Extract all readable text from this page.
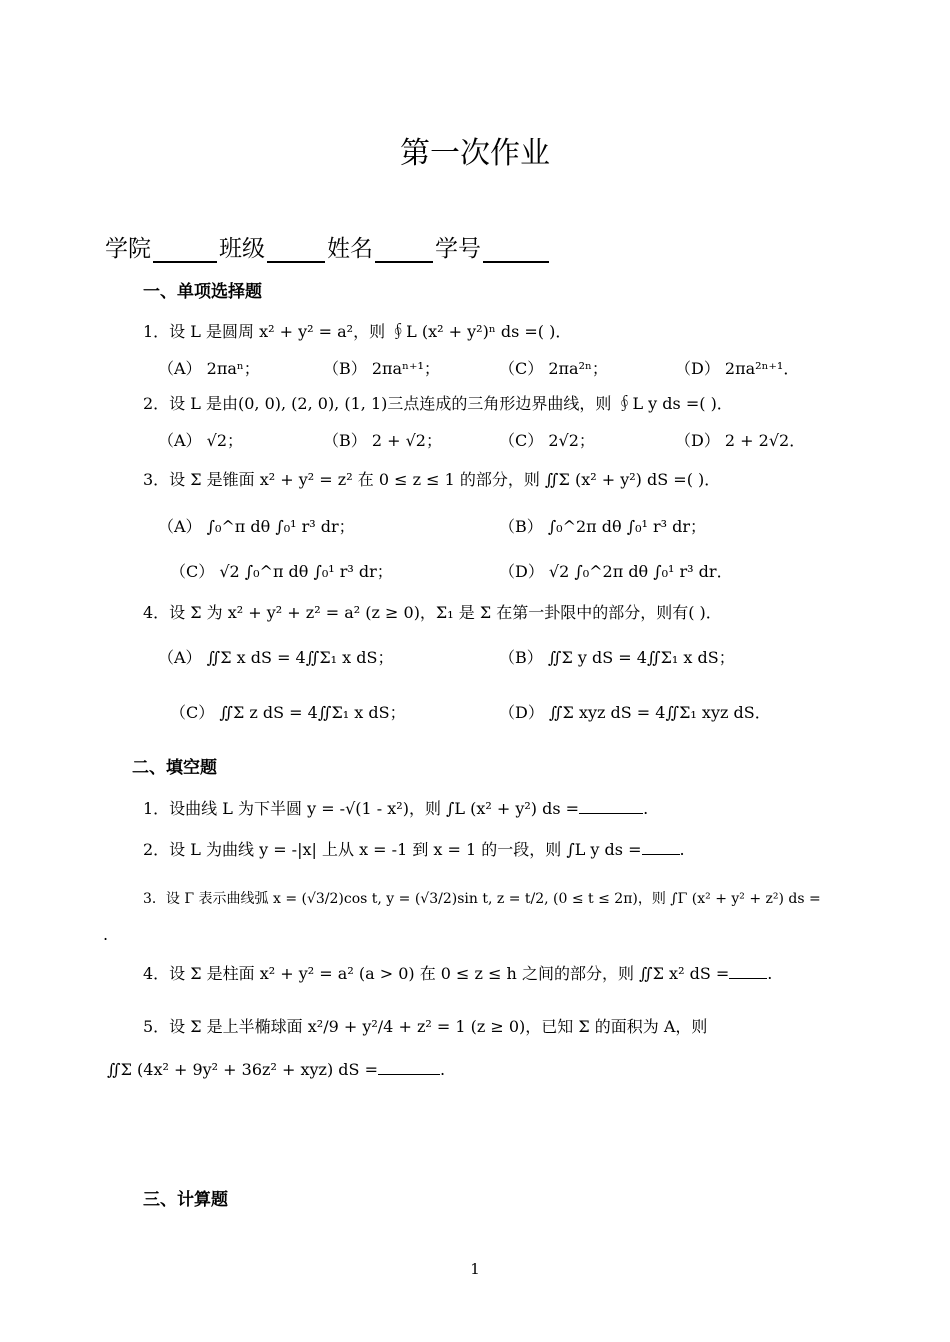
第一次作业
学院	班级	姓名	学号
一、单项选择题
1．设 L 是圆周 x² + y² = a²，则 ∮L (x² + y²)ⁿ ds =( )．
（A） 2πaⁿ；	（B） 2πaⁿ⁺¹；	（C） 2πa²ⁿ；	（D） 2πa²ⁿ⁺¹．
2．设 L 是由(0, 0), (2, 0), (1, 1)三点连成的三角形边界曲线，则 ∮L y ds =( )．
（A） √2；	（B） 2 + √2；	（C） 2√2；	（D） 2 + 2√2．
3．设 Σ 是锥面 x² + y² = z² 在 0 ≤ z ≤ 1 的部分，则 ∬Σ (x² + y²) dS =( )．
（A） ∫₀^π dθ ∫₀¹ r³ dr；	（B） ∫₀^2π dθ ∫₀¹ r³ dr；
（C） √2 ∫₀^π dθ ∫₀¹ r³ dr；	（D） √2 ∫₀^2π dθ ∫₀¹ r³ dr．
4．设 Σ 为 x² + y² + z² = a² (z ≥ 0)，Σ₁ 是 Σ 在第一卦限中的部分，则有( )．
（A） ∬Σ x dS = 4∬Σ₁ x dS；	（B） ∬Σ y dS = 4∬Σ₁ x dS；
（C） ∬Σ z dS = 4∬Σ₁ x dS；	（D） ∬Σ xyz dS = 4∬Σ₁ xyz dS．
二、填空题
1．设曲线 L 为下半圆 y = -√(1 - x²)，则 ∫L (x² + y²) ds =	.
2．设 L 为曲线 y = -|x| 上从 x = -1 到 x = 1 的一段，则 ∫L y ds = .
3．设 Γ 表示曲线弧 x = (√3/2)cos t, y = (√3/2)sin t, z = t/2, (0 ≤ t ≤ 2π)，则 ∫Γ (x² + y² + z²) ds =
.
4．设 Σ 是柱面 x² + y² = a² (a > 0) 在 0 ≤ z ≤ h 之间的部分，则 ∬Σ x² dS = .
5．设 Σ 是上半椭球面 x²/9 + y²/4 + z² = 1 (z ≥ 0)，已知 Σ 的面积为 A，则
∬Σ (4x² + 9y² + 36z² + xyz) dS =	.
三、计算题
1
